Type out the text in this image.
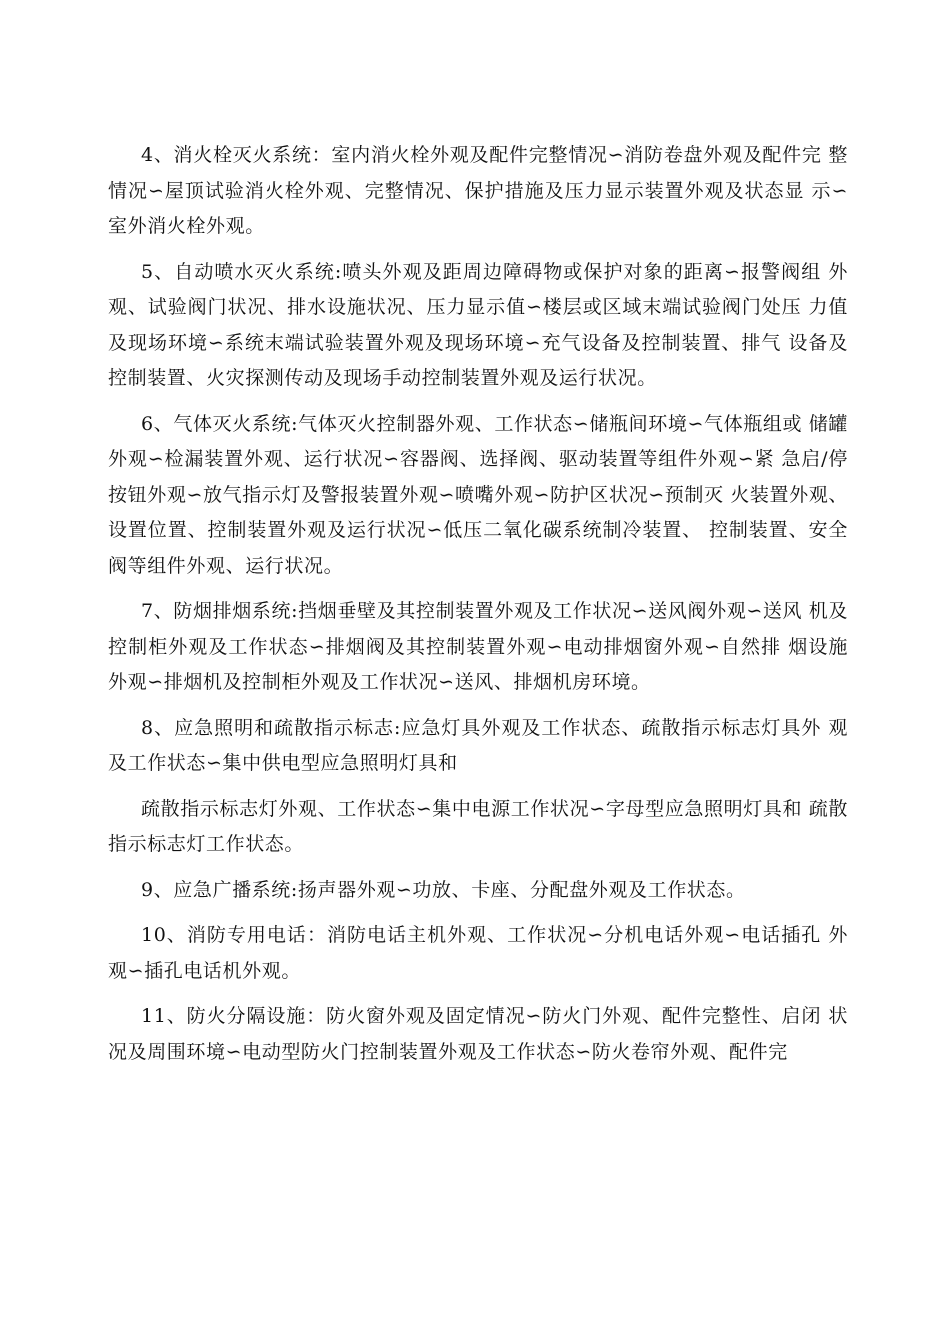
4、消火栓灭火系统：室内消火栓外观及配件完整情况∽消防卷盘外观及配件完 整情况∽屋顶试验消火栓外观、完整情况、保护措施及压力显示装置外观及状态显 示∽室外消火栓外观。

5、自动喷水灭火系统:喷头外观及距周边障碍物或保护对象的距离∽报警阀组 外观、试验阀门状况、排水设施状况、压力显示值∽楼层或区域末端试验阀门处压 力值及现场环境∽系统末端试验装置外观及现场环境∽充气设备及控制装置、排气 设备及控制装置、火灾探测传动及现场手动控制装置外观及运行状况。

6、气体灭火系统:气体灭火控制器外观、工作状态∽储瓶间环境∽气体瓶组或 储罐外观∽检漏装置外观、运行状况∽容器阀、选择阀、驱动装置等组件外观∽紧 急启/停按钮外观∽放气指示灯及警报装置外观∽喷嘴外观∽防护区状况∽预制灭 火装置外观、设置位置、控制装置外观及运行状况∽低压二氧化碳系统制冷装置、 控制装置、安全阀等组件外观、运行状况。

7、防烟排烟系统:挡烟垂壁及其控制装置外观及工作状况∽送风阀外观∽送风 机及控制柜外观及工作状态∽排烟阀及其控制装置外观∽电动排烟窗外观∽自然排 烟设施外观∽排烟机及控制柜外观及工作状况∽送风、排烟机房环境。

8、应急照明和疏散指示标志:应急灯具外观及工作状态、疏散指示标志灯具外 观及工作状态∽集中供电型应急照明灯具和

疏散指示标志灯外观、工作状态∽集中电源工作状况∽字母型应急照明灯具和 疏散指示标志灯工作状态。

9、应急广播系统:扬声器外观∽功放、卡座、分配盘外观及工作状态。

10、消防专用电话：消防电话主机外观、工作状况∽分机电话外观∽电话插孔 外观∽插孔电话机外观。

11、防火分隔设施：防火窗外观及固定情况∽防火门外观、配件完整性、启闭 状况及周围环境∽电动型防火门控制装置外观及工作状态∽防火卷帘外观、配件完
